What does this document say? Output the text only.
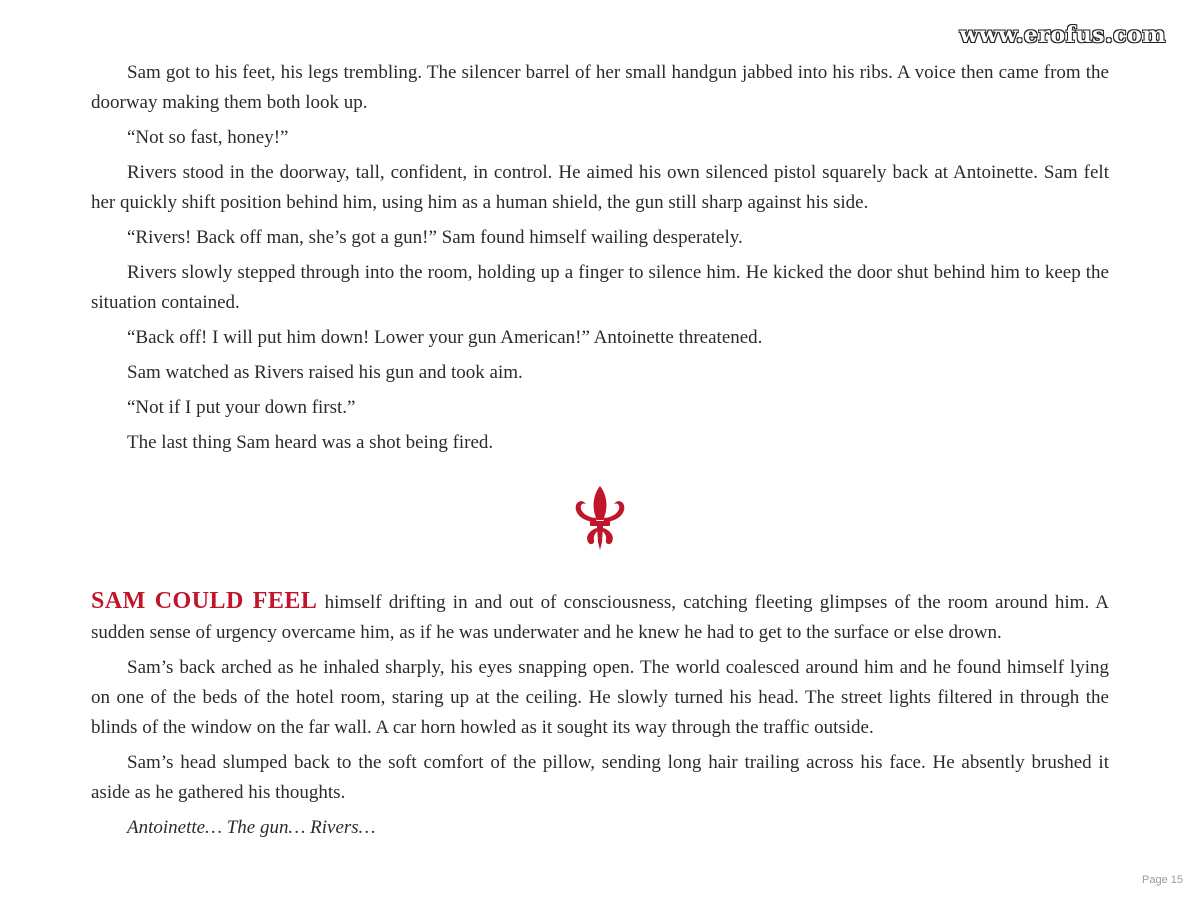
www.erofus.com

Sam got to his feet, his legs trembling. The silencer barrel of her small handgun jabbed into his ribs. A voice then came from the doorway making them both look up.

“Not so fast, honey!”

Rivers stood in the doorway, tall, confident, in control. He aimed his own silenced pistol squarely back at Antoinette. Sam felt her quickly shift position behind him, using him as a human shield, the gun still sharp against his side.

“Rivers! Back off man, she’s got a gun!” Sam found himself wailing desperately.

Rivers slowly stepped through into the room, holding up a finger to silence him. He kicked the door shut behind him to keep the situation contained.

“Back off! I will put him down! Lower your gun American!” Antoinette threatened.

Sam watched as Rivers raised his gun and took aim.

“Not if I put your down first.”

The last thing Sam heard was a shot being fired.

SAM COULD FEEL himself drifting in and out of consciousness, catching fleeting glimpses of the room around him. A sudden sense of urgency overcame him, as if he was underwater and he knew he had to get to the surface or else drown.

Sam’s back arched as he inhaled sharply, his eyes snapping open. The world coalesced around him and he found himself lying on one of the beds of the hotel room, staring up at the ceiling. He slowly turned his head. The street lights filtered in through the blinds of the window on the far wall. A car horn howled as it sought its way through the traffic outside.

Sam’s head slumped back to the soft comfort of the pillow, sending long hair trailing across his face. He absently brushed it aside as he gathered his thoughts.

Antoinette… The gun… Rivers…

Page 15
